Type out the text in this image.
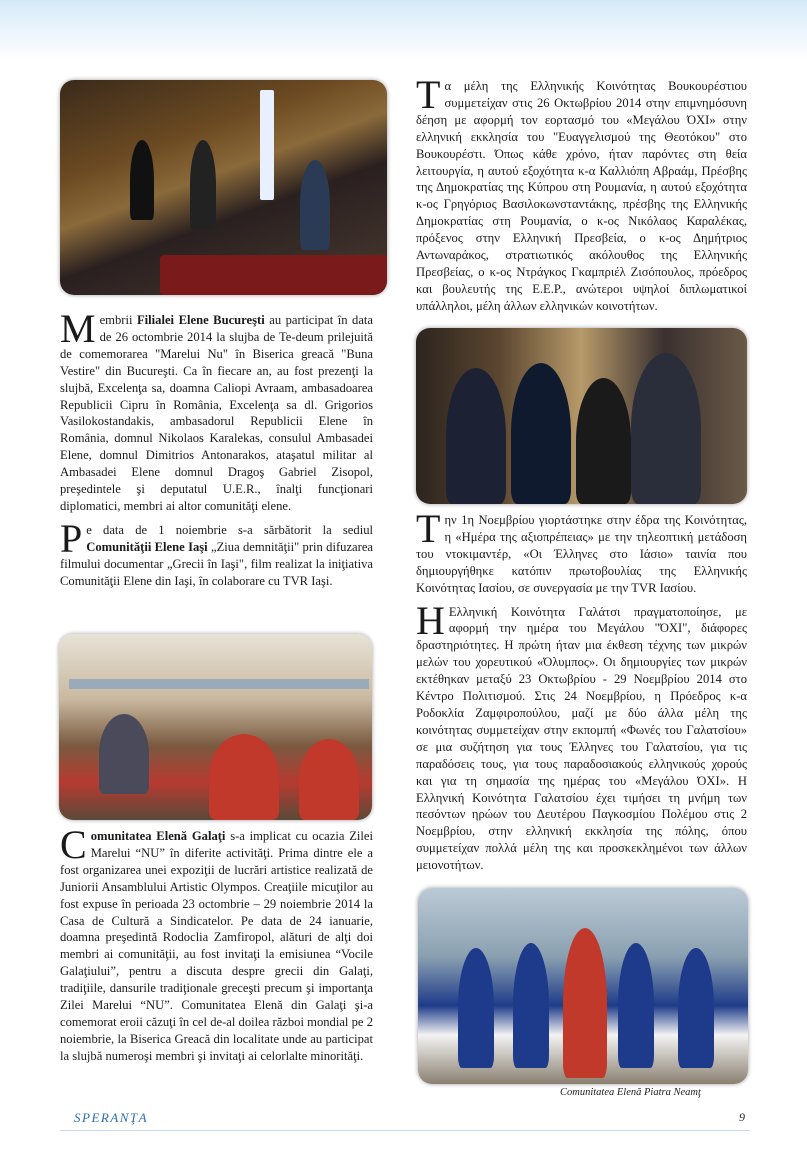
Comunitatea Elenă Piatra Neamţ

Membrii Filialei Elene Bucureşti au participat în data de 26 octombrie 2014 la slujba de Te-deum prilejuită de comemorarea "Marelui Nu" în Biserica greacă "Buna Vestire" din Bucureşti. Ca în fiecare an, au fost prezenţi la slujbă, Excelenţa sa, doamna Caliopi Avraam, ambasadoarea Republicii Cipru în România, Excelenţa sa dl. Grigorios Vasilokostandakis, ambasadorul Republicii Elene în România, domnul Nikolaos Karalekas, consulul Ambasadei Elene, domnul Dimitrios Antonarakos, ataşatul militar al Ambasadei Elene domnul Dragoş Gabriel Zisopol, preşedintele şi deputatul U.E.R., înalţi funcţionari diplomatici, membri ai altor comunităţi elene.

Pe data de 1 noiembrie s-a sărbătorit la sediul Comunităţii Elene Iaşi „Ziua demnităţii" prin difuzarea filmului documentar „Grecii în Iaşi", film realizat la iniţiativa Comunităţii Elene din Iaşi, în colaborare cu TVR Iaşi.

Comunitatea Elenă Galaţi s-a implicat cu ocazia Zilei Marelui “NU” în diferite activităţi. Prima dintre ele a fost organizarea unei expoziţii de lucrări artistice realizată de Juniorii Ansamblului Artistic Olympos. Creaţiile micuţilor au fost expuse în perioada 23 octombrie – 29 noiembrie 2014 la Casa de Cultură a Sindicatelor. Pe data de 24 ianuarie, doamna preşedintă Rodoclia Zamfiropol, alături de alţi doi membri ai comunităţii, au fost invitaţi la emisiunea “Vocile Galaţiului”, pentru a discuta despre grecii din Galaţi, tradiţiile, dansurile tradiţionale greceşti precum şi importanţa Zilei Marelui “NU”. Comunitatea Elenă din Galaţi şi-a comemorat eroii căzuţi în cel de-al doilea război mondial pe 2 noiembrie, la Biserica Greacă din localitate unde au participat la slujbă numeroşi membri şi invitaţi ai celorlalte minorităţi.

Τα μέλη της Ελληνικής Κοινότητας Βουκουρέστιου συμμετείχαν στις 26 Οκτωβρίου 2014 στην επιμνημόσυνη δέηση με αφορμή τον εορτασμό του «Μεγάλου ΌΧΙ» στην ελληνική εκκλησία του "Ευαγγελισμού της Θεοτόκου" στο Βουκουρέστι. Όπως κάθε χρόνο, ήταν παρόντες στη θεία λειτουργία, η αυτού εξοχότητα κ-α Καλλιόπη Αβραάμ, Πρέσβης της Δημοκρατίας της Κύπρου στη Ρουμανία, η αυτού εξοχότητα κ-ος Γρηγόριος Βασιλοκωνσταντάκης, πρέσβης της Ελληνικής Δημοκρατίας στη Ρουμανία, ο κ-ος Νικόλαος Καραλέκας, πρόξενος στην Ελληνική Πρεσβεία, ο κ-ος Δημήτριος Αντωναράκος, στρατιωτικός ακόλουθος της Ελληνικής Πρεσβείας, ο κ-ος Ντράγκος Γκαμπριέλ Ζισόπουλος, πρόεδρος και βουλευτής της Ε.Ε.Ρ., ανώτεροι υψηλοί διπλωματικοί υπάλληλοι, μέλη άλλων ελληνικών κοινοτήτων.

Την 1η Νοεμβρίου γιορτάστηκε στην έδρα της Κοινότητας, η «Ημέρα της αξιοπρέπειας» με την τηλεοπτική μετάδοση του ντοκιμαντέρ, «Οι Έλληνες στο Ιάσιο» ταινία που δημιουργήθηκε κατόπιν πρωτοβουλίας της Ελληνικής Κοινότητας Ιασίου, σε συνεργασία με την TVR Ιασίου.

Η Ελληνική Κοινότητα Γαλάτσι πραγματοποίησε, με αφορμή την ημέρα του Μεγάλου "ΌΧΙ", διάφορες δραστηριότητες. Η πρώτη ήταν μια έκθεση τέχνης των μικρών μελών του χορευτικού «Όλυμπος». Οι δημιουργίες των μικρών εκτέθηκαν μεταξύ 23 Οκτωβρίου - 29 Νοεμβρίου 2014 στο Κέντρο Πολιτισμού. Στις 24 Νοεμβρίου, η Πρόεδρος κ-α Ροδοκλία Ζαμφιροπούλου, μαζί με δύο άλλα μέλη της κοινότητας συμμετείχαν στην εκπομπή «Φωνές του Γαλατσίου» σε μια συζήτηση για τους Έλληνες του Γαλατσίου, για τις παραδόσεις τους, για τους παραδοσιακούς ελληνικούς χορούς και για τη σημασία της ημέρας του «Μεγάλου ΌΧΙ». Η Ελληνική Κοινότητα Γαλατσίου έχει τιμήσει τη μνήμη των πεσόντων ηρώων του Δευτέρου Παγκοσμίου Πολέμου στις 2 Νοεμβρίου, στην ελληνική εκκλησία της πόλης, όπου συμμετείχαν πολλά μέλη της και προσκεκλημένοι των άλλων μειονοτήτων.

SPERANŢA	9
